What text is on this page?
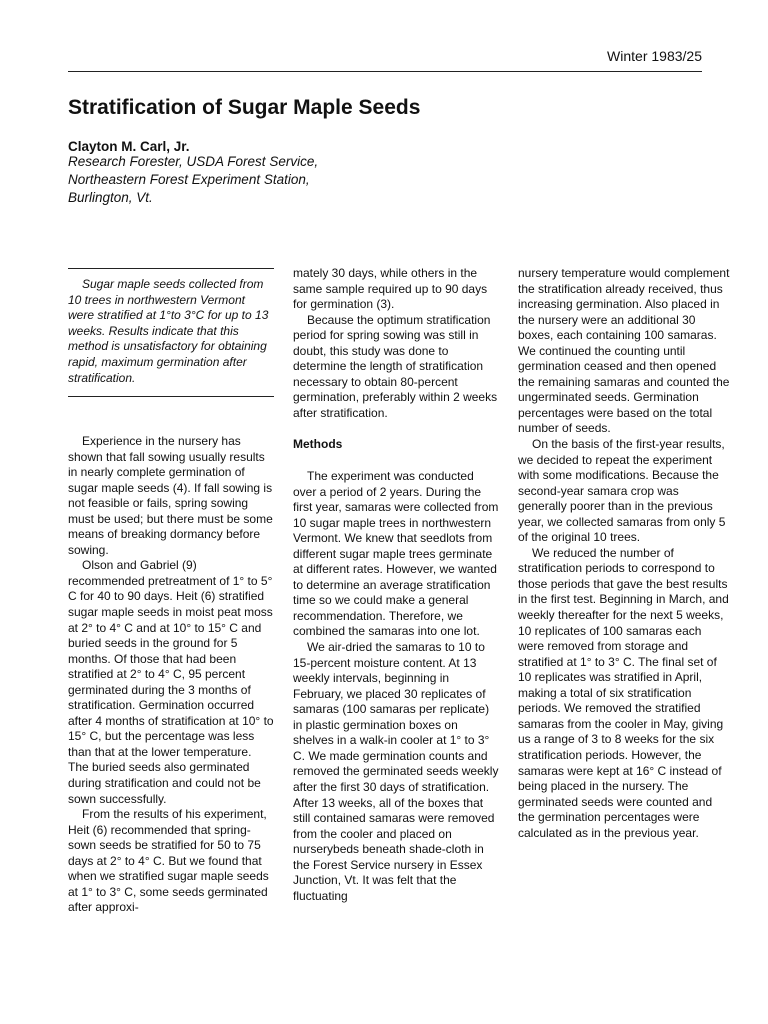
Winter 1983/25
Stratification of Sugar Maple Seeds
Clayton M. Carl, Jr.
Research Forester, USDA Forest Service,
Northeastern Forest Experiment Station,
Burlington, Vt.

Sugar maple seeds collected from 10 trees in northwestern Vermont were stratified at 1°to 3°C for up to 13 weeks. Results indicate that this method is unsatisfactory for obtaining rapid, maximum germination after stratification.

Experience in the nursery has shown that fall sowing usually results in nearly complete germination of sugar maple seeds (4). If fall sowing is not feasible or fails, spring sowing must be used; but there must be some means of breaking dormancy before sowing.

Olson and Gabriel (9) recommended pretreatment of 1° to 5° C for 40 to 90 days. Heit (6) stratified sugar maple seeds in moist peat moss at 2° to 4° C and at 10° to 15° C and buried seeds in the ground for 5 months. Of those that had been stratified at 2° to 4° C, 95 percent germinated during the 3 months of stratification. Germination occurred after 4 months of stratification at 10° to 15° C, but the percentage was less than that at the lower temperature. The buried seeds also germinated during stratification and could not be sown successfully.

From the results of his experiment, Heit (6) recommended that spring-sown seeds be stratified for 50 to 75 days at 2° to 4° C. But we found that when we stratified sugar maple seeds at 1° to 3° C, some seeds germinated after approxi-

mately 30 days, while others in the same sample required up to 90 days for germination (3).

Because the optimum stratification period for spring sowing was still in doubt, this study was done to determine the length of stratification necessary to obtain 80-percent germination, preferably within 2 weeks after stratification.

Methods

The experiment was conducted over a period of 2 years. During the first year, samaras were collected from 10 sugar maple trees in northwestern Vermont. We knew that seedlots from different sugar maple trees germinate at different rates. However, we wanted to determine an average stratification time so we could make a general recommendation. Therefore, we combined the samaras into one lot.

We air-dried the samaras to 10 to 15-percent moisture content. At 13 weekly intervals, beginning in February, we placed 30 replicates of samaras (100 samaras per replicate) in plastic germination boxes on shelves in a walk-in cooler at 1° to 3° C. We made germination counts and removed the germinated seeds weekly after the first 30 days of stratification. After 13 weeks, all of the boxes that still contained samaras were removed from the cooler and placed on nurserybeds beneath shade-cloth in the Forest Service nursery in Essex Junction, Vt. It was felt that the fluctuating

nursery temperature would complement the stratification already received, thus increasing germination. Also placed in the nursery were an additional 30 boxes, each containing 100 samaras. We continued the counting until germination ceased and then opened the remaining samaras and counted the ungerminated seeds. Germination percentages were based on the total number of seeds.

On the basis of the first-year results, we decided to repeat the experiment with some modifications. Because the second-year samara crop was generally poorer than in the previous year, we collected samaras from only 5 of the original 10 trees.

We reduced the number of stratification periods to correspond to those periods that gave the best results in the first test. Beginning in March, and weekly thereafter for the next 5 weeks, 10 replicates of 100 samaras each were removed from storage and stratified at 1° to 3° C. The final set of 10 replicates was stratified in April, making a total of six stratification periods. We removed the stratified samaras from the cooler in May, giving us a range of 3 to 8 weeks for the six stratification periods. However, the samaras were kept at 16° C instead of being placed in the nursery. The germinated seeds were counted and the germination percentages were calculated as in the previous year.
